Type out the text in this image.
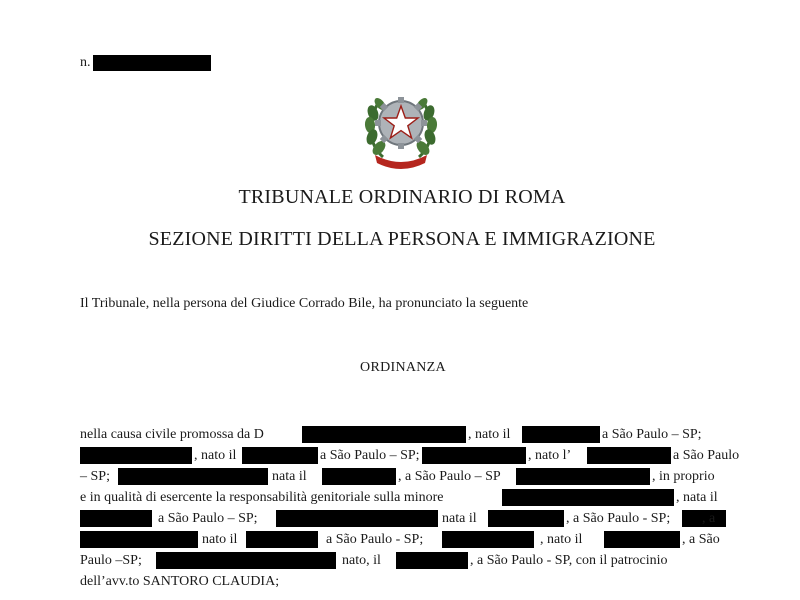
n.
TRIBUNALE ORDINARIO DI ROMA
SEZIONE DIRITTI DELLA PERSONA E IMMIGRAZIONE
Il Tribunale, nella persona del Giudice Corrado Bile, ha pronunciato la seguente
ORDINANZA
nella causa civile promossa da D	, nato il	a São Paulo – SP;
, nato il	a São Paulo – SP;	, nato l’	a São Paulo
– SP;	nata il	, a São Paulo – SP	, in proprio
e in qualità di esercente la responsabilità genitoriale sulla minore	, nata il
a São Paulo – SP;	nata il	, a São Paulo - SP; , a
nato il	a São Paulo - SP;	, nato il	, a São
Paulo –SP;	nato, il	, a São Paulo - SP, con il patrocinio
dell’avv.to SANTORO CLAUDIA;
